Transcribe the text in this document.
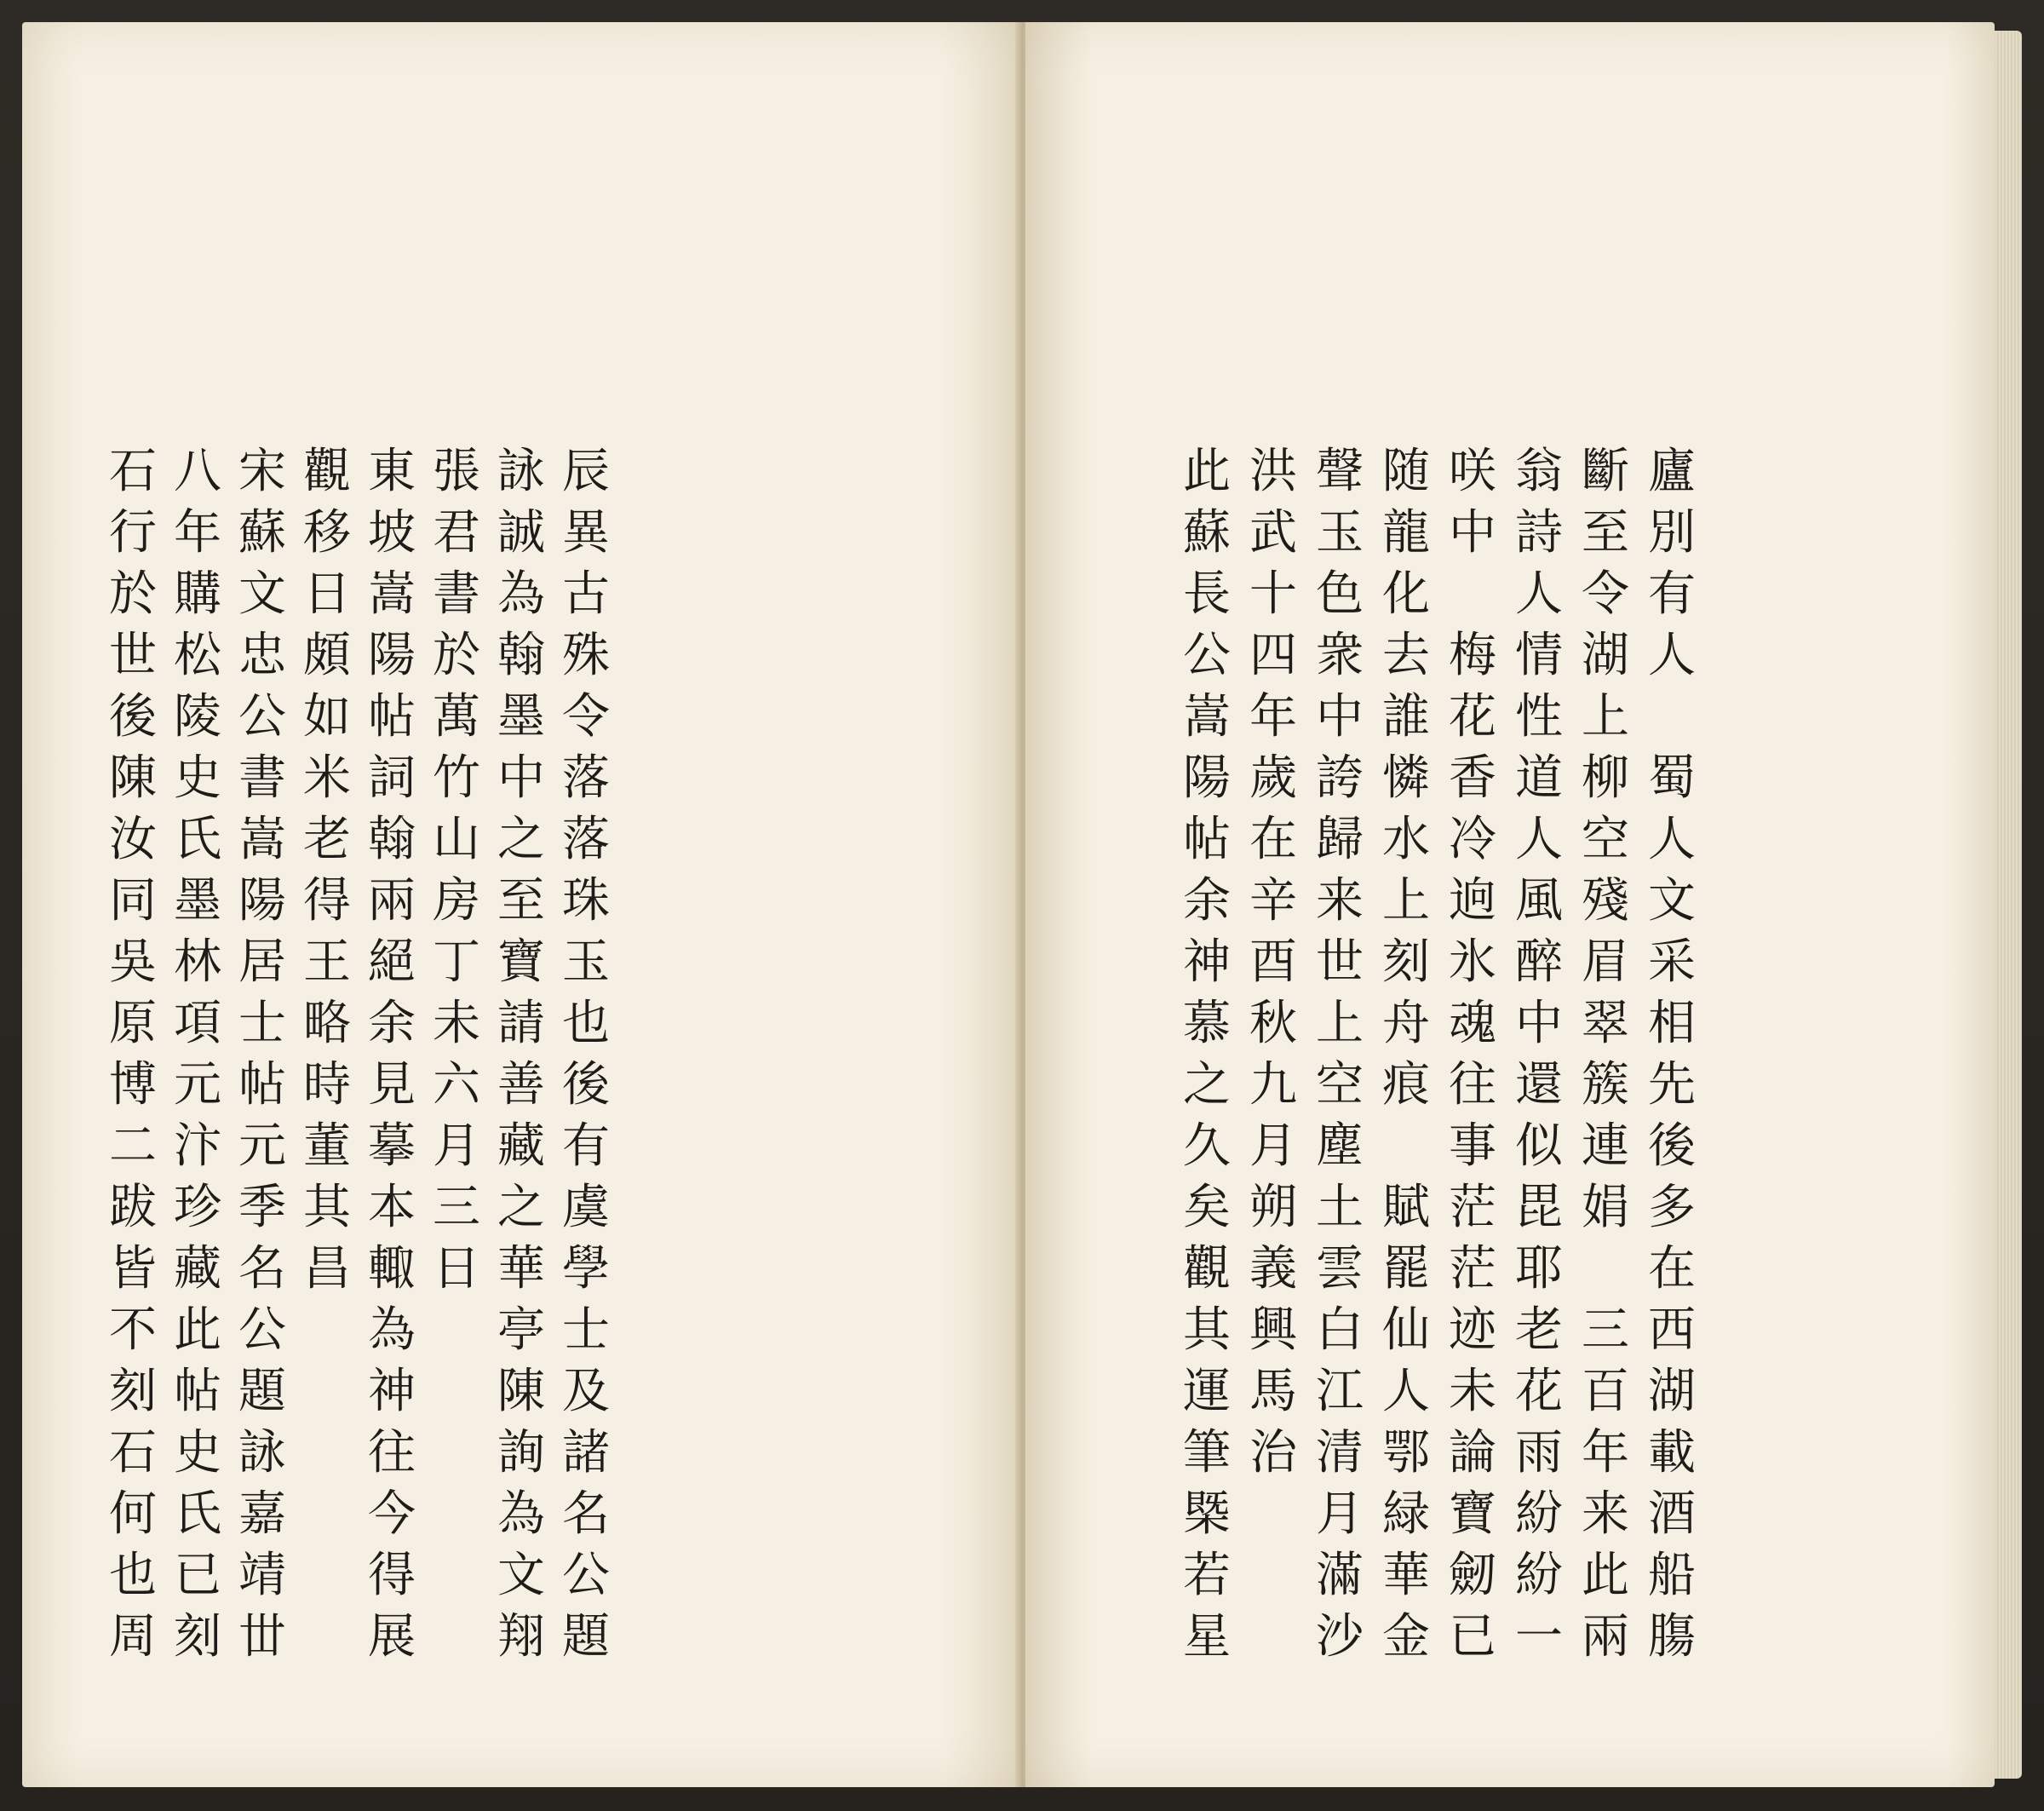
廬
別
有
人

蜀
人
文
采
相
先
後
多
在
西
湖
載
酒
船
膓
斷
至
令
湖
上
柳
空
殘
眉
翠
簇
連
娟

三
百
年
来
此
兩
翁
詩
人
情
性
道
人
風
醉
中
還
似
毘
耶
老
花
雨
紛
紛
一
咲
中

梅
花
香
冷
逈
氷
魂
往
事
茫
茫
迹
未
論
寶
劒
已
随
龍
化
去
誰
憐
水
上
刻
舟
痕

賦
罷
仙
人
鄂
緑
華
金
聲
玉
色
衆
中
誇
歸
来
世
上
空
塵
土
雲
白
江
清
月
滿
沙
洪
武
十
四
年
歲
在
辛
酉
秋
九
月
朔
義
興
馬
治
此
蘇
長
公
嵩
陽
帖
余
神
慕
之
久
矣
觀
其
運
筆
槩
若
星
辰
異
古
殊
令
落
落
珠
玉
也
後
有
虞
學
士
及
諸
名
公
題
詠
誠
為
翰
墨
中
之
至
寶
請
善
藏
之
華
亭
陳
詢
為
文
翔
張
君
書
於
萬
竹
山
房
丁
未
六
月
三
日
東
坡
嵩
陽
帖
詞
翰
兩
絕
余
見
摹
本
輙
為
神
往
今
得
展
觀
移
日
頗
如
米
老
得
王
略
時
董
其
昌
宋
蘇
文
忠
公
書
嵩
陽
居
士
帖
元
季
名
公
題
詠
嘉
靖
丗
八
年
購
松
陵
史
氏
墨
林
項
元
汴
珍
藏
此
帖
史
氏
已
刻
石
行
於
世
後
陳
汝
同
吳
原
博
二
跋
皆
不
刻
石
何
也
周
